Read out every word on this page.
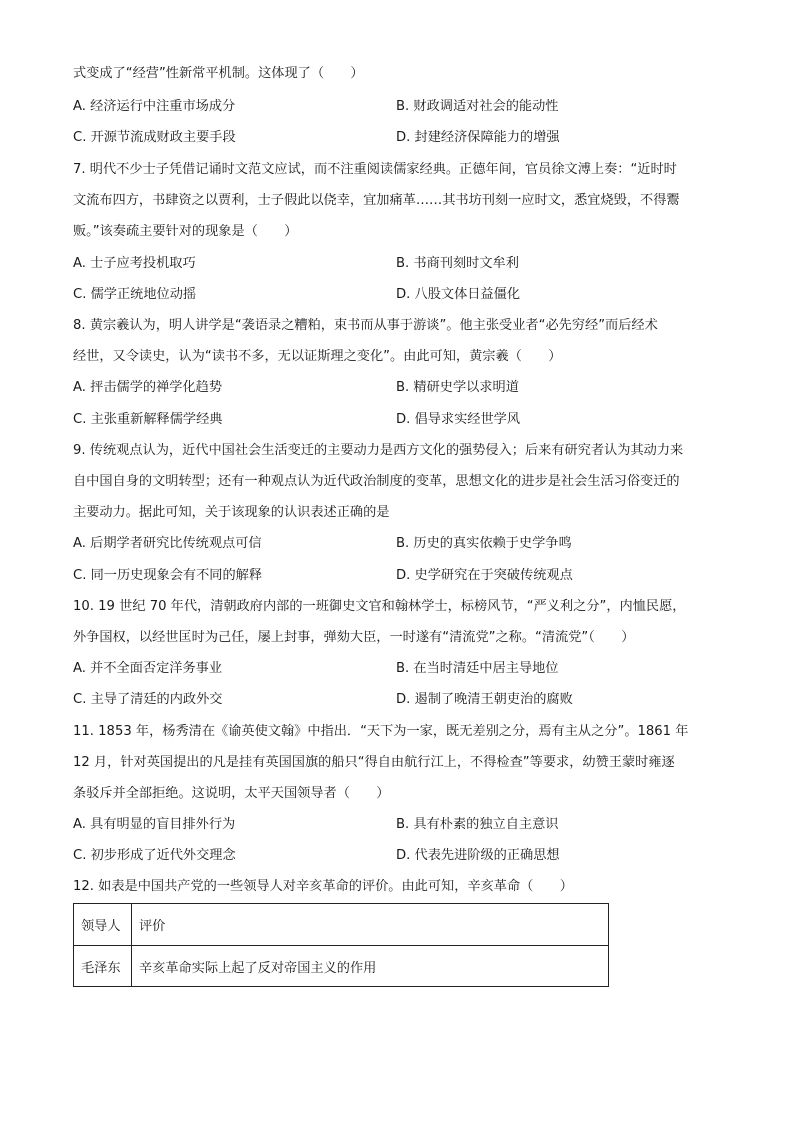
式变成了“经营”性新常平机制。这体现了（　　）
A. 经济运行中注重市场成分	B. 财政调适对社会的能动性
C. 开源节流成财政主要手段	D. 封建经济保障能力的增强
7. 明代不少士子凭借记诵时文范文应试，而不注重阅读儒家经典。正德年间，官员徐文溥上奏：“近时时
文流布四方，书肆资之以贾利，士子假此以侥幸，宜加痛革……其书坊刊刻一应时文，悉宜烧毁，不得鬻
贩。”该奏疏主要针对的现象是（　　）
A. 士子应考投机取巧	B. 书商刊刻时文牟利
C. 儒学正统地位动摇	D. 八股文体日益僵化
8. 黄宗羲认为，明人讲学是“袭语录之糟粕，束书而从事于游谈”。他主张受业者“必先穷经”而后经术
经世，又令读史，认为“读书不多，无以证斯理之变化”。由此可知，黄宗羲（　　）
A. 抨击儒学的禅学化趋势	B. 精研史学以求明道
C. 主张重新解释儒学经典	D. 倡导求实经世学风
9. 传统观点认为，近代中国社会生活变迁的主要动力是西方文化的强势侵入；后来有研究者认为其动力来
自中国自身的文明转型；还有一种观点认为近代政治制度的变革，思想文化的进步是社会生活习俗变迁的
主要动力。据此可知，关于该现象的认识表述正确的是
A. 后期学者研究比传统观点可信	B. 历史的真实依赖于史学争鸣
C. 同一历史现象会有不同的解释	D. 史学研究在于突破传统观点
10. 19 世纪 70 年代，清朝政府内部的一班御史文官和翰林学士，标榜风节，“严义利之分”，内恤民愿，
外争国权，以经世匡时为己任，屡上封事，弹劾大臣，一时遂有“清流党”之称。“清流党”（　　）
A. 并不全面否定洋务事业	B. 在当时清廷中居主导地位
C. 主导了清廷的内政外交	D. 遏制了晚清王朝吏治的腐败
11. 1853 年，杨秀清在《谕英使文翰》中指出．“天下为一家，既无差别之分，焉有主从之分”。1861 年
12 月，针对英国提出的凡是挂有英国国旗的船只“得自由航行江上，不得检查”等要求，幼赞王蒙时雍逐
条驳斥并全部拒绝。这说明，太平天国领导者（　　）
A. 具有明显的盲目排外行为	B. 具有朴素的独立自主意识
C. 初步形成了近代外交理念	D. 代表先进阶级的正确思想
12. 如表是中国共产党的一些领导人对辛亥革命的评价。由此可知，辛亥革命（　　）
领导人	评价
毛泽东	辛亥革命实际上起了反对帝国主义的作用
